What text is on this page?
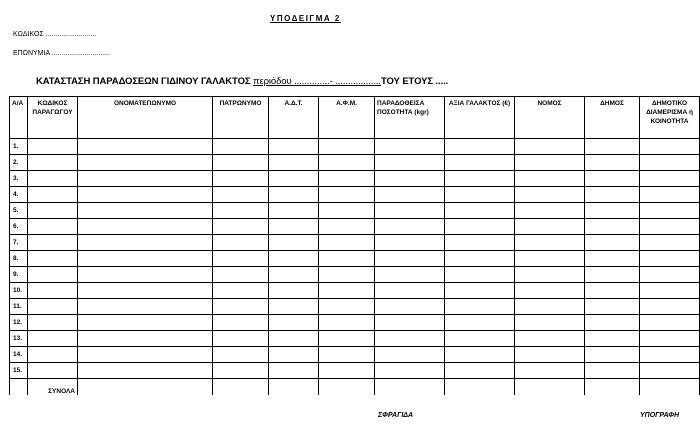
ΥΠΟΔΕΙΓΜΑ 2
ΚΩΔΙΚΟΣ ..........................
ΕΠΩΝΥΜΙΑ ..............................
ΚΑΤΑΣΤΑΣΗ ΠΑΡΑΔΟΣΕΩΝ ΓΙΔΙΝΟΥ ΓΑΛΑΚΤΟΣ περιόδου ..............- ..................ΤΟΥ ΕΤΟΥΣ .....
Α/Α	ΚΩΔΙΚΟΣ ΠΑΡΑΓΩΓΟΥ	ΟΝΟΜΑΤΕΠΩΝΥΜΟ	ΠΑΤΡΩΝΥΜΟ	Α.Δ.Τ.	Α.Φ.Μ.	ΠΑΡΑΔΟΘΕΙΣΑ ΠΟΣΟΤΗΤΑ (kgr)	ΑΞΙΑ ΓΑΛΑΚΤΟΣ (€)	ΝΟΜΟΣ	ΔΗΜΟΣ	ΔΗΜΟΤΙΚΟ ΔΙΑΜΕΡΙΣΜΑ ή ΚΟΙΝΟΤΗΤΑ
1.										
2.										
3.										
4.										
5.										
6.										
7.										
8.										
9.										
10.										
11.										
12.										
13.										
14.										
15.										
	ΣΥΝΟΛΑ									
ΣΦΡΑΓΙΔΑ	ΥΠΟΓΡΑΦΗ
